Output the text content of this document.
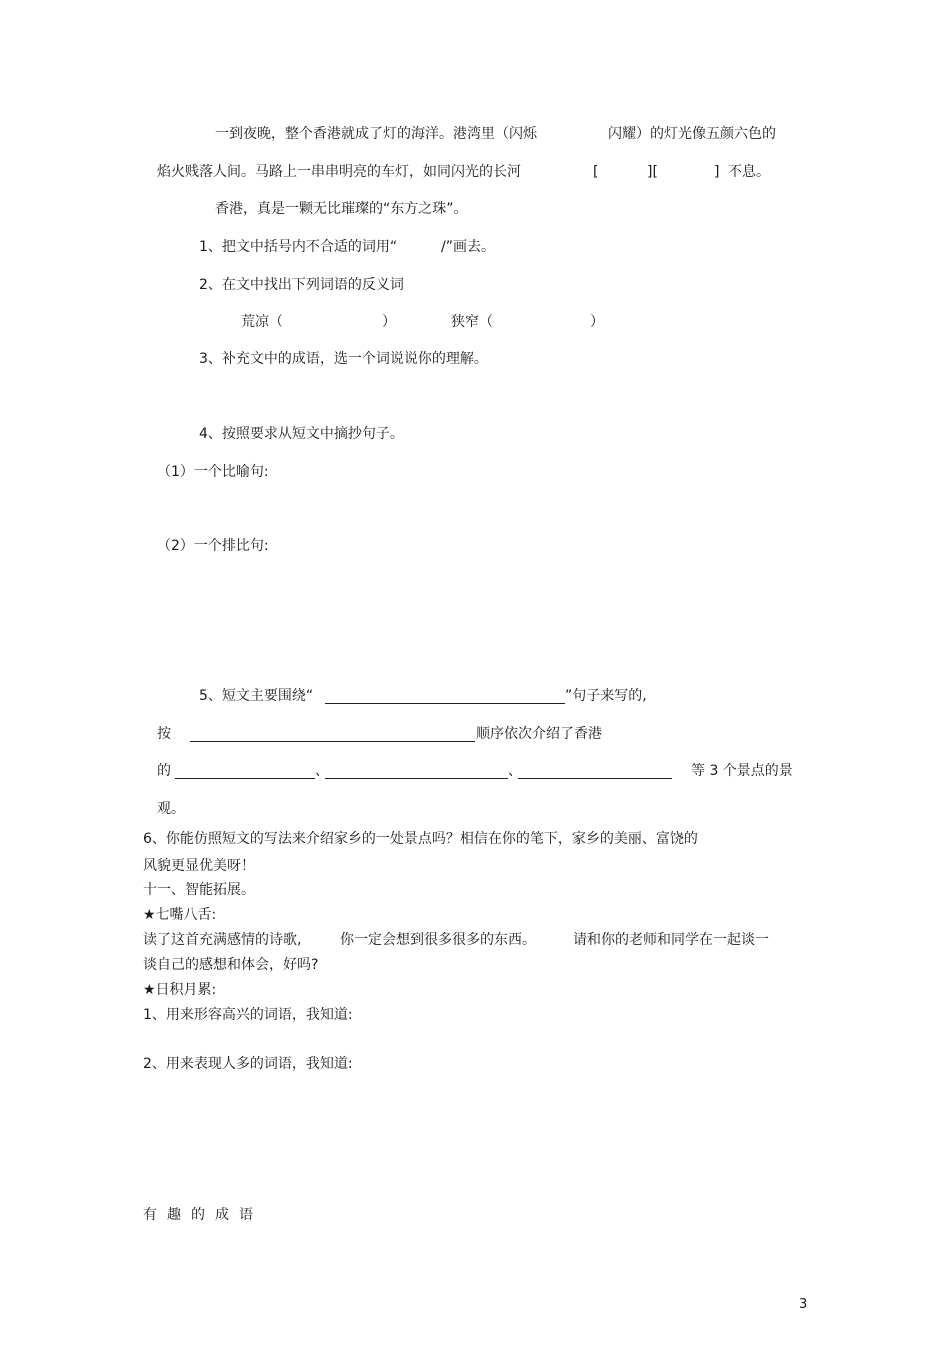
一到夜晚，整个香港就成了灯的海洋。港湾里（闪烁	闪耀）的灯光像五颜六色的
焰火贱落人间。马路上一串串明亮的车灯，如同闪光的长河	[	][	] 不息。
香港，真是一颗无比璀璨的“东方之珠”。
1、把文中括号内不合适的词用“	/”画去。
2、在文中找出下列词语的反义词
荒凉（	）	狭窄（	）
3、补充文中的成语，选一个词说说你的理解。
4、按照要求从短文中摘抄句子。
（1）一个比喻句:
（2）一个排比句:
5、短文主要围绕“	”句子来写的,
按	顺序依次介绍了香港
的	、	、	等 3 个景点的景
观。
6、你能仿照短文的写法来介绍家乡的一处景点吗？相信在你的笔下，家乡的美丽、富饶的
风貌更显优美呀！
十一、智能拓展。
★七嘴八舌:
读了这首充满感情的诗歌,	你一定会想到很多很多的东西。	请和你的老师和同学在一起谈一
谈自己的感想和体会，好吗?
★日积月累:
1、用来形容高兴的词语，我知道:
2、用来表现人多的词语，我知道:
有趣的成语
3
